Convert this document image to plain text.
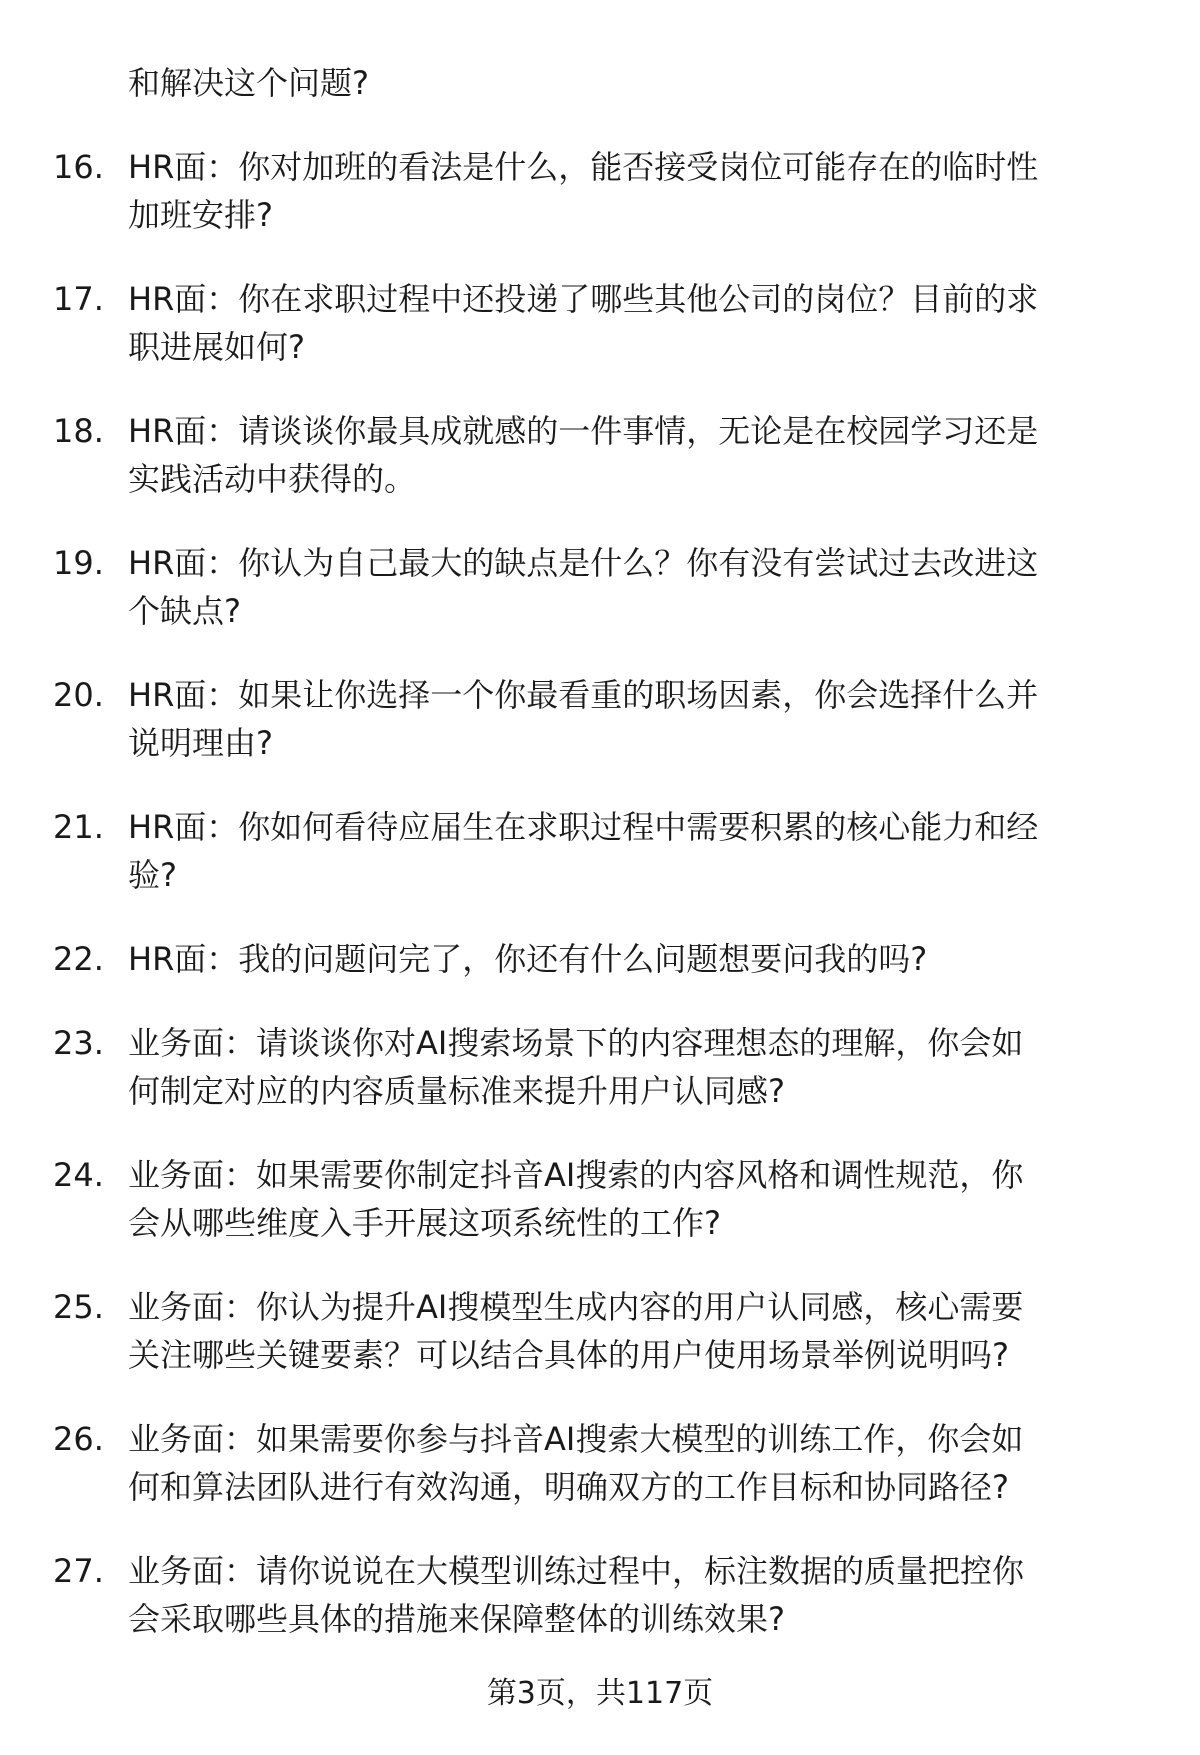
和解决这个问题?
16. HR面：你对加班的看法是什么，能否接受岗位可能存在的临时性
加班安排?
17. HR面：你在求职过程中还投递了哪些其他公司的岗位？目前的求
职进展如何?
18. HR面：请谈谈你最具成就感的一件事情，无论是在校园学习还是
实践活动中获得的。
19. HR面：你认为自己最大的缺点是什么？你有没有尝试过去改进这
个缺点?
20. HR面：如果让你选择一个你最看重的职场因素，你会选择什么并
说明理由?
21. HR面：你如何看待应届生在求职过程中需要积累的核心能力和经
验?
22. HR面：我的问题问完了，你还有什么问题想要问我的吗?
23. 业务面：请谈谈你对AI搜索场景下的内容理想态的理解，你会如
何制定对应的内容质量标准来提升用户认同感?
24. 业务面：如果需要你制定抖音AI搜索的内容风格和调性规范，你
会从哪些维度入手开展这项系统性的工作?
25. 业务面：你认为提升AI搜模型生成内容的用户认同感，核心需要
关注哪些关键要素？可以结合具体的用户使用场景举例说明吗?
26. 业务面：如果需要你参与抖音AI搜索大模型的训练工作，你会如
何和算法团队进行有效沟通，明确双方的工作目标和协同路径?
27. 业务面：请你说说在大模型训练过程中，标注数据的质量把控你
会采取哪些具体的措施来保障整体的训练效果?
第3页，共117页
